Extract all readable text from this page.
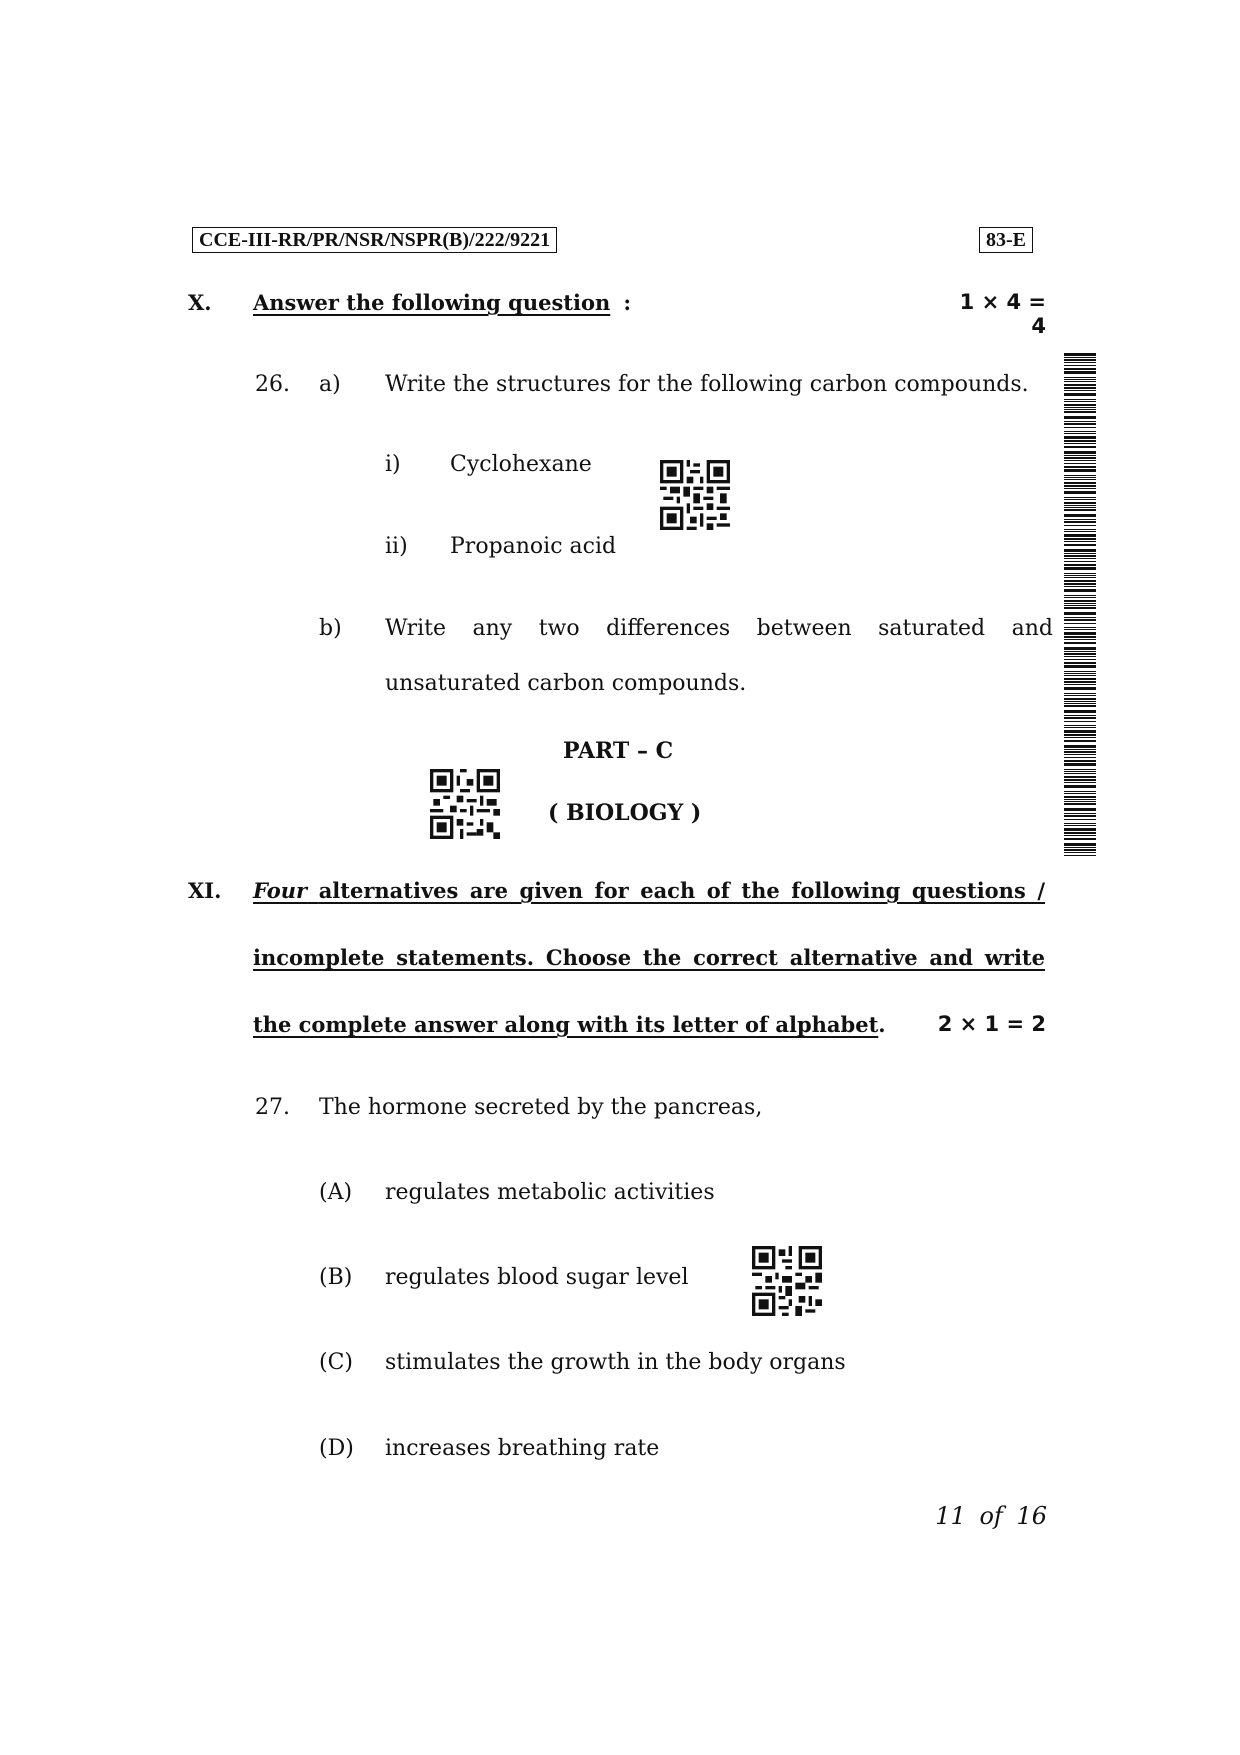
CCE-III-RR/PR/NSR/NSPR(B)/222/9221	83-E
X. Answer the following question :	1 × 4 = 4
26. a) Write the structures for the following carbon compounds.
i) Cyclohexane
ii) Propanoic acid
b) Write any two differences between saturated and
unsaturated carbon compounds.
PART – C
( BIOLOGY )
XI. Four alternatives are given for each of the following questions /
incomplete statements. Choose the correct alternative and write
the complete answer along with its letter of alphabet.	2 × 1 = 2
27. The hormone secreted by the pancreas,
(A) regulates metabolic activities
(B) regulates blood sugar level
(C) stimulates the growth in the body organs
(D) increases breathing rate
11 of 16
